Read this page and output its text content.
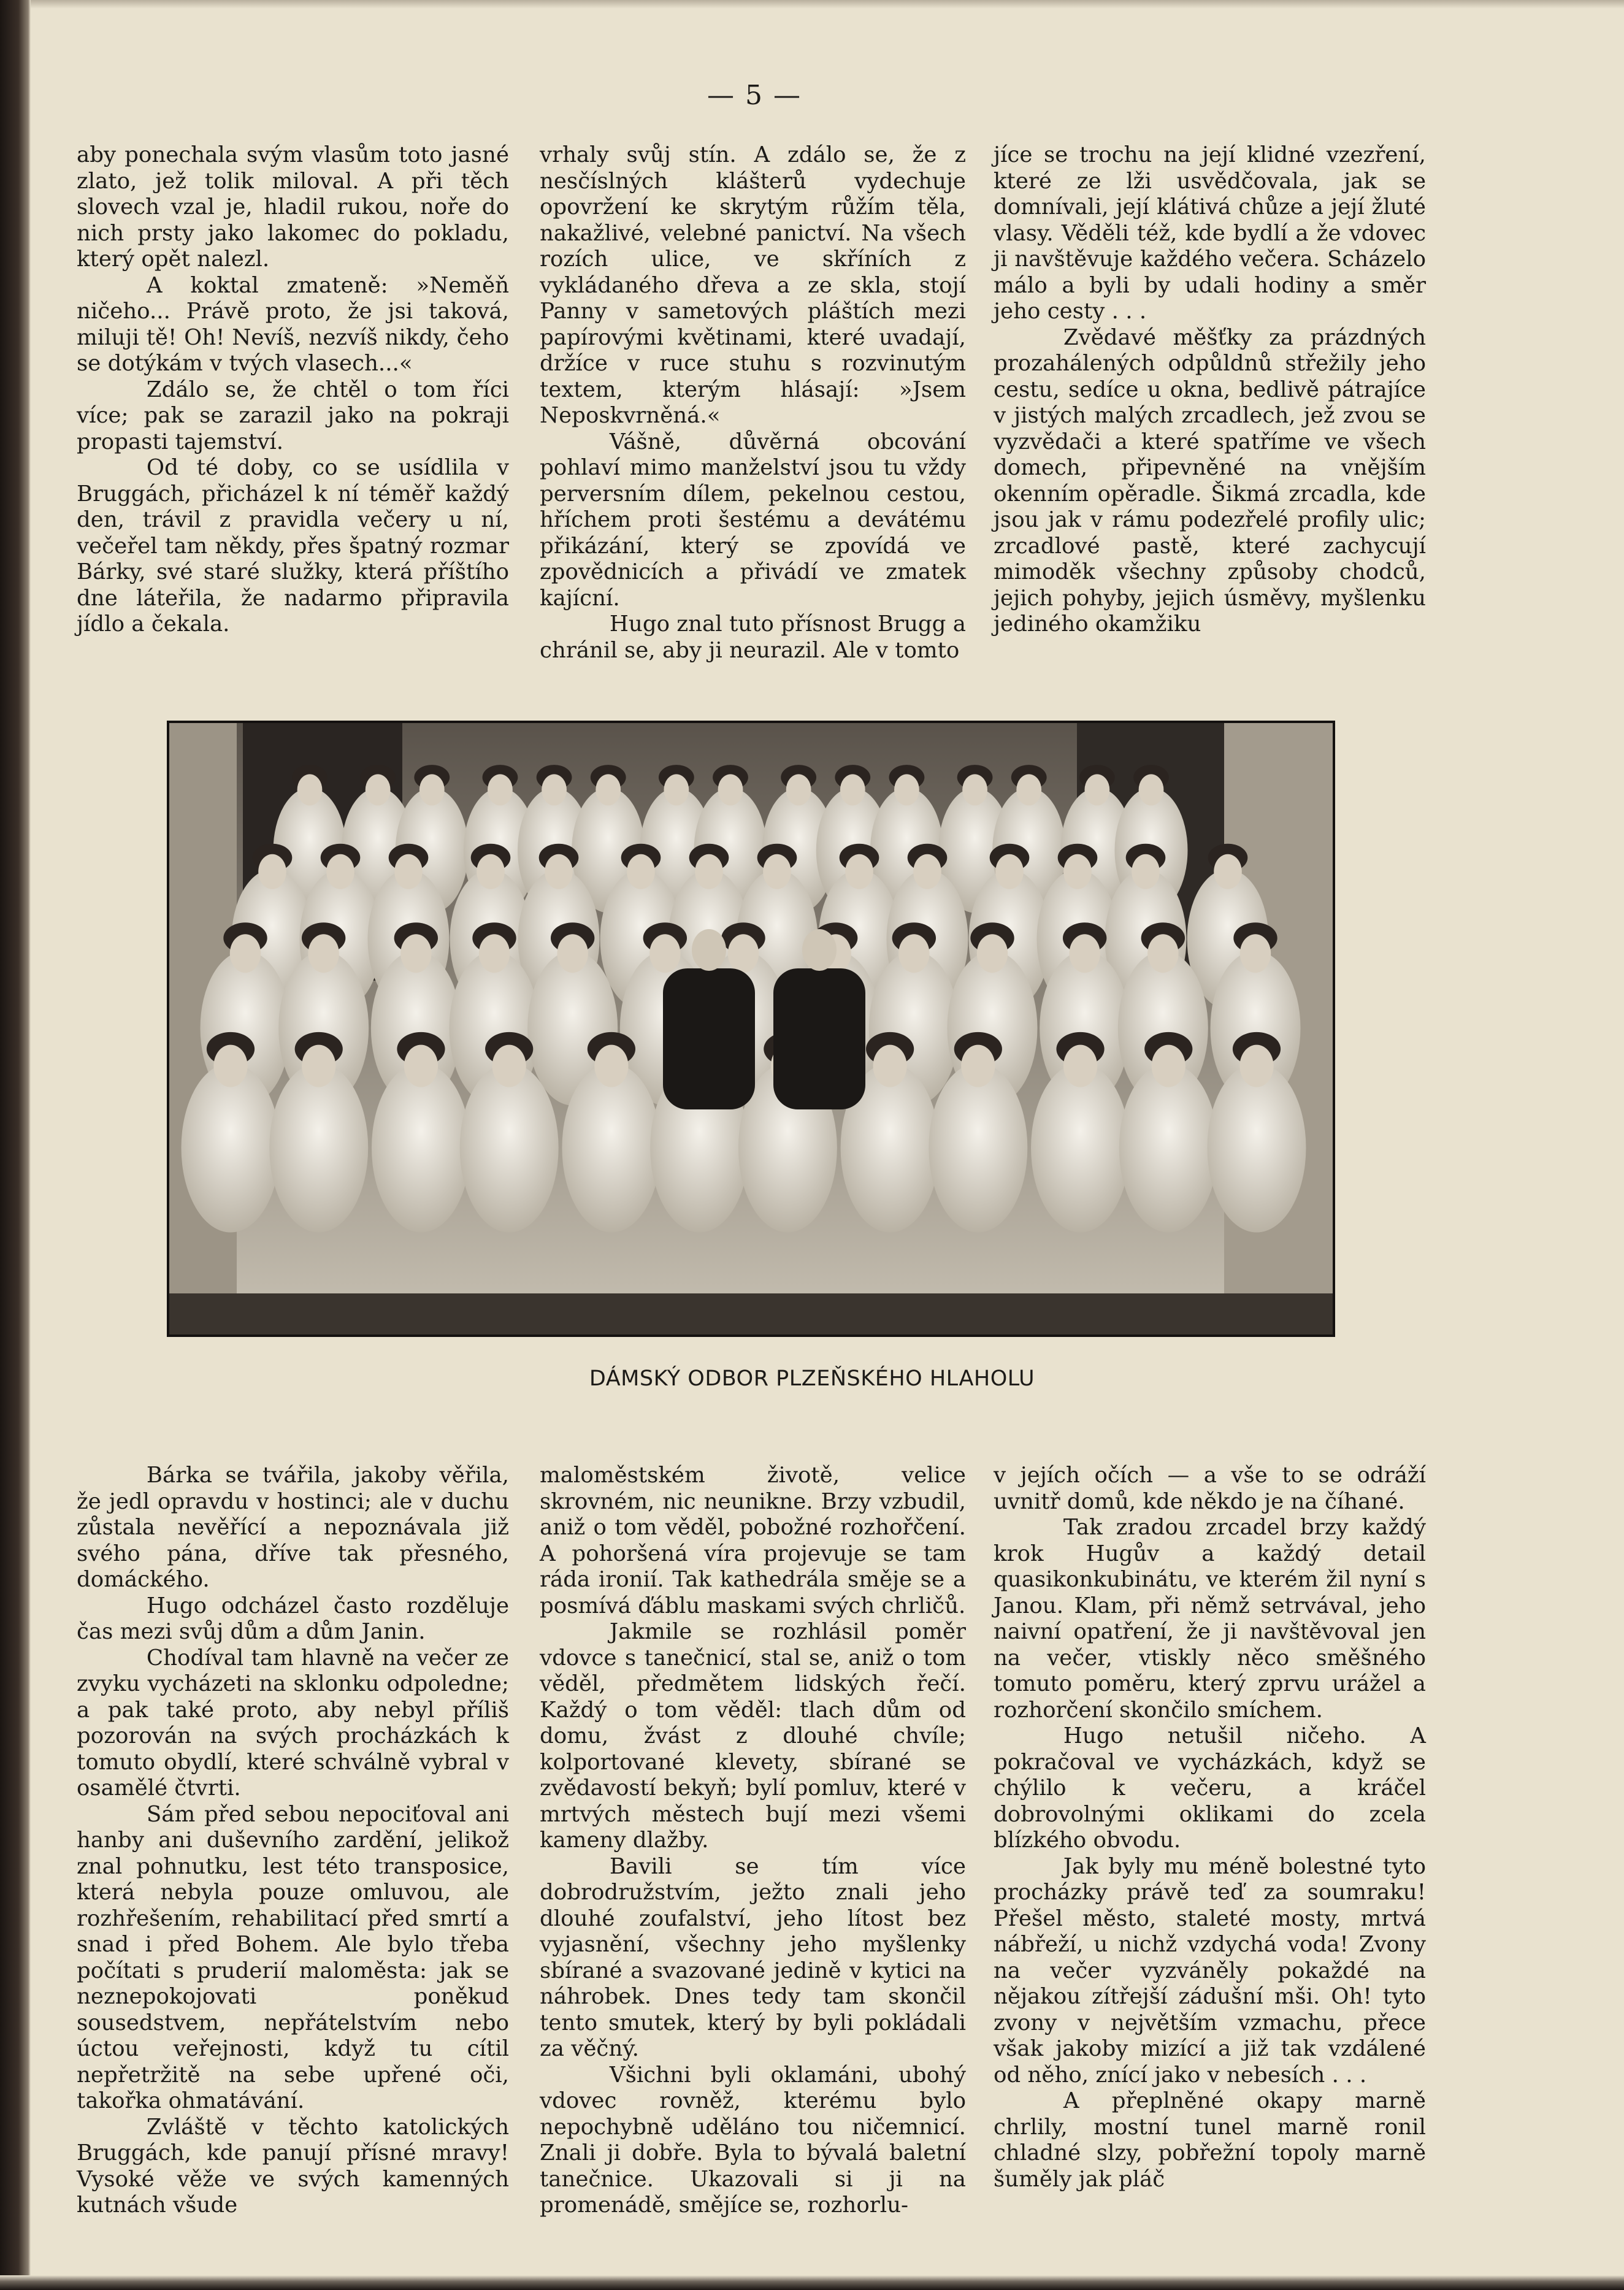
— 5 —

aby ponechala svým vlasům toto jasné zlato, jež tolik miloval. A při těch slovech vzal je, hladil rukou, noře do nich prsty jako lakomec do pokladu, který opět nalezl.

A koktal zmateně: »Neměň ničeho... Právě proto, že jsi taková, miluji tě! Oh! Nevíš, nezvíš nikdy, čeho se dotýkám v tvých vlasech...«

Zdálo se, že chtěl o tom říci více; pak se zarazil jako na pokraji propasti tajemství.

Od té doby, co se usídlila v Bruggách, přicházel k ní téměř každý den, trávil z pravidla večery u ní, večeřel tam někdy, přes špatný rozmar Bárky, své staré služky, která příštího dne láteřila, že nadarmo připravila jídlo a čekala.

vrhaly svůj stín. A zdálo se, že z nesčíslných klášterů vydechuje opovržení ke skrytým růžím těla, nakažlivé, velebné panictví. Na všech rozích ulice, ve skříních z vykládaného dřeva a ze skla, stojí Panny v sametových pláštích mezi papírovými květinami, které uvadají, držíce v ruce stuhu s rozvinutým textem, kterým hlásají: »Jsem Neposkvrněná.«

Vášně, důvěrná obcování pohlaví mimo manželství jsou tu vždy perversním dílem, pekelnou cestou, hříchem proti šestému a devátému přikázání, který se zpovídá ve zpovědnicích a přivádí ve zmatek kajícní.

Hugo znal tuto přísnost Brugg a chránil se, aby ji neurazil. Ale v tomto

jíce se trochu na její klidné vzezření, které ze lži usvědčovala, jak se domnívali, její klátivá chůze a její žluté vlasy. Věděli též, kde bydlí a že vdovec ji navštěvuje každého večera. Scházelo málo a byli by udali hodiny a směr jeho cesty . . .

Zvědavé měšťky za prázdných prozahálených odpůldnů střežily jeho cestu, sedíce u okna, bedlivě pátrajíce v jistých malých zrcadlech, jež zvou se vyzvědači a které spatříme ve všech domech, připevněné na vnějším okenním opěradle. Šikmá zrcadla, kde jsou jak v rámu podezřelé profily ulic; zrcadlové pastě, které zachycují mimoděk všechny způsoby chodců, jejich pohyby, jejich úsměvy, myšlenku jediného okamžiku

DÁMSKÝ ODBOR PLZEŇSKÉHO HLAHOLU

Bárka se tvářila, jakoby věřila, že jedl opravdu v hostinci; ale v duchu zůstala nevěřící a nepoznávala již svého pána, dříve tak přesného, domáckého.

Hugo odcházel často rozděluje čas mezi svůj dům a dům Janin.

Chodíval tam hlavně na večer ze zvyku vycházeti na sklonku odpoledne; a pak také proto, aby nebyl příliš pozorován na svých procházkách k tomuto obydlí, které schválně vybral v osamělé čtvrti.

Sám před sebou nepociťoval ani hanby ani duševního zardění, jelikož znal pohnutku, lest této transposice, která nebyla pouze omluvou, ale rozhřešením, rehabilitací před smrtí a snad i před Bohem. Ale bylo třeba počítati s pruderií maloměsta: jak se neznepokojovati poněkud sousedstvem, nepřátelstvím nebo úctou veřejnosti, když tu cítil nepřetržitě na sebe upřené oči, takořka ohmatávání.

Zvláště v těchto katolických Bruggách, kde panují přísné mravy! Vysoké věže ve svých kamenných kutnách všude

maloměstském životě, velice skrovném, nic neunikne. Brzy vzbudil, aniž o tom věděl, pobožné rozhořčení. A pohoršená víra projevuje se tam ráda ironií. Tak kathedrála směje se a posmívá ďáblu maskami svých chrličů.

Jakmile se rozhlásil poměr vdovce s tanečnicí, stal se, aniž o tom věděl, předmětem lidských řečí. Každý o tom věděl: tlach dům od domu, žvást z dlouhé chvíle; kolportované klevety, sbírané se zvědavostí bekyň; bylí pomluv, které v mrtvých městech bují mezi všemi kameny dlažby.

Bavili se tím více dobrodružstvím, ježto znali jeho dlouhé zoufalství, jeho lítost bez vyjasnění, všechny jeho myšlenky sbírané a svazované jedině v kytici na náhrobek. Dnes tedy tam skončil tento smutek, který by byli pokládali za věčný.

Všichni byli oklamáni, ubohý vdovec rovněž, kterému bylo nepochybně uděláno tou ničemnicí. Znali ji dobře. Byla to bývalá baletní tanečnice. Ukazovali si ji na promenádě, smějíce se, rozhorlu-

v jejích očích — a vše to se odráží uvnitř domů, kde někdo je na číhané.

Tak zradou zrcadel brzy každý krok Hugův a každý detail quasikonkubinátu, ve kterém žil nyní s Janou. Klam, při němž setrvával, jeho naivní opatření, že ji navštěvoval jen na večer, vtiskly něco směšného tomuto poměru, který zprvu urážel a rozhorčení skončilo smíchem.

Hugo netušil ničeho. A pokračoval ve vycházkách, když se chýlilo k večeru, a kráčel dobrovolnými oklikami do zcela blízkého obvodu.

Jak byly mu méně bolestné tyto procházky právě teď za soumraku! Přešel město, staleté mosty, mrtvá nábřeží, u nichž vzdychá voda! Zvony na večer vyzváněly pokaždé na nějakou zítřejší zádušní mši. Oh! tyto zvony v největším vzmachu, přece však jakoby mizící a již tak vzdálené od něho, znící jako v nebesích . . .

A přeplněné okapy marně chrlily, mostní tunel marně ronil chladné slzy, pobřežní topoly marně šuměly jak pláč
